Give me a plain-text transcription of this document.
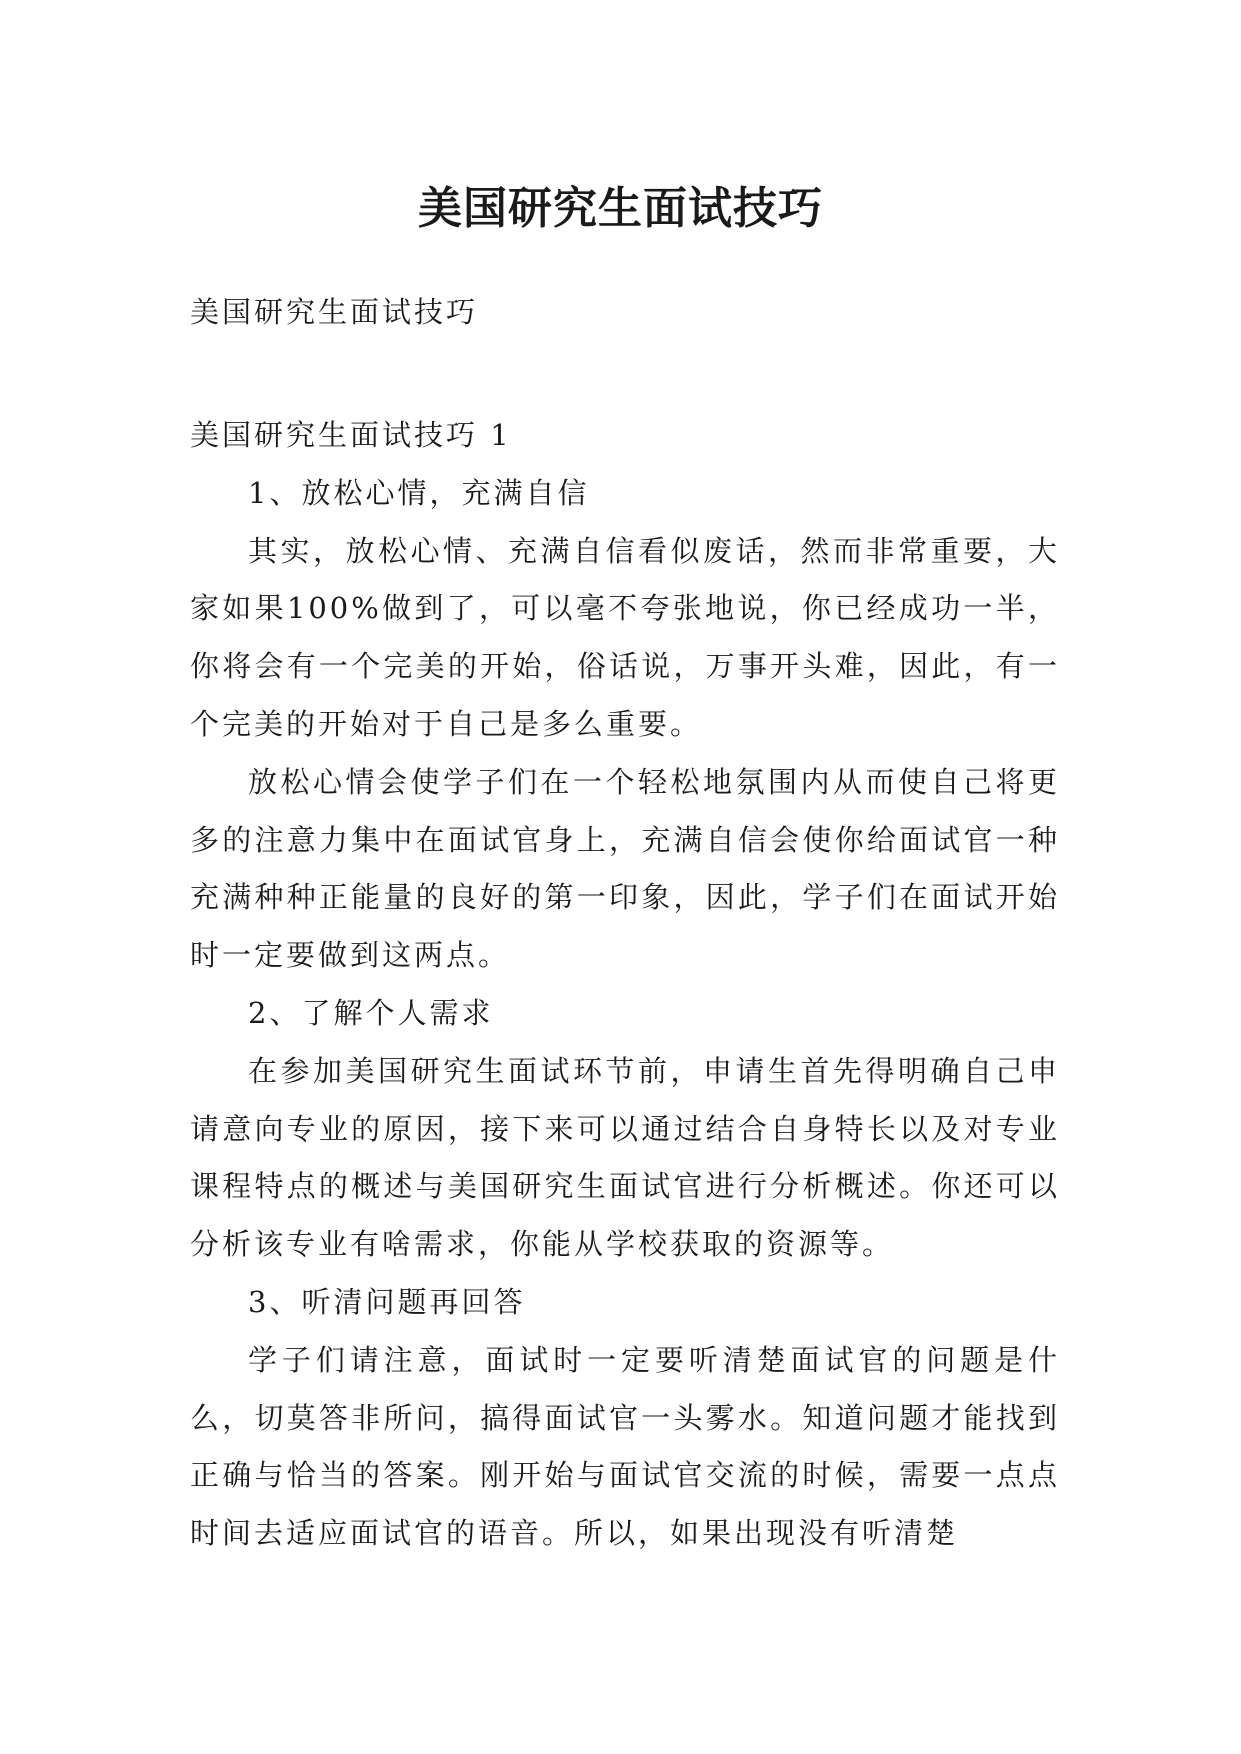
美国研究生面试技巧
美国研究生面试技巧

美国研究生面试技巧 1

1、放松心情，充满自信

其实，放松心情、充满自信看似废话，然而非常重要，大家如果100%做到了，可以毫不夸张地说，你已经成功一半，你将会有一个完美的开始，俗话说，万事开头难，因此，有一个完美的开始对于自己是多么重要。

放松心情会使学子们在一个轻松地氛围内从而使自己将更多的注意力集中在面试官身上，充满自信会使你给面试官一种充满种种正能量的良好的第一印象，因此，学子们在面试开始时一定要做到这两点。

2、了解个人需求

在参加美国研究生面试环节前，申请生首先得明确自己申请意向专业的原因，接下来可以通过结合自身特长以及对专业课程特点的概述与美国研究生面试官进行分析概述。你还可以分析该专业有啥需求，你能从学校获取的资源等。

3、听清问题再回答

学子们请注意，面试时一定要听清楚面试官的问题是什么，切莫答非所问，搞得面试官一头雾水。知道问题才能找到正确与恰当的答案。刚开始与面试官交流的时候，需要一点点时间去适应面试官的语音。所以，如果出现没有听清楚
